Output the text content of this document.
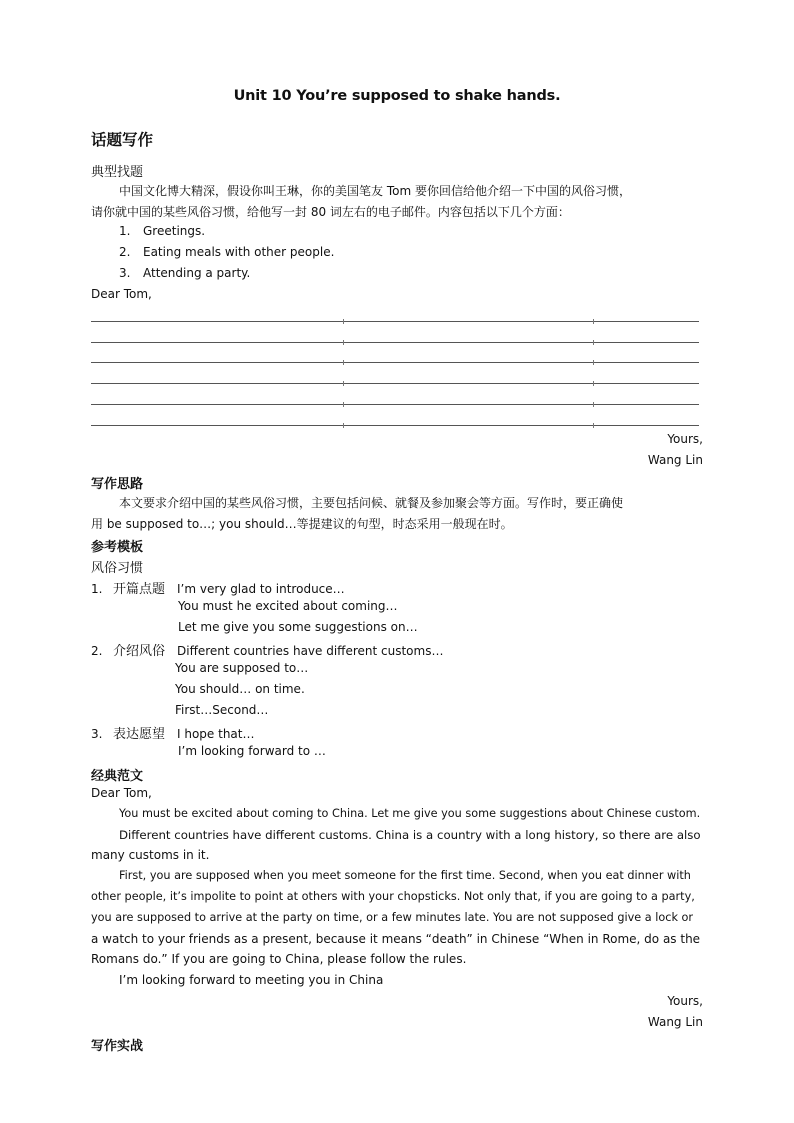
Unit 10 You’re supposed to shake hands.
话题写作
典型找题
中国文化博大精深，假设你叫王琳，你的美国笔友 Tom 要你回信给他介绍一下中国的风俗习惯，
请你就中国的某些风俗习惯，给他写一封 80 词左右的电子邮件。内容包括以下几个方面：
1. Greetings.
2. Eating meals with other people.
3. Attending a party.
Dear Tom,
Yours,
Wang Lin
写作思路
本文要求介绍中国的某些风俗习惯，主要包括问候、就餐及参加聚会等方面。写作时，要正确使
用 be supposed to…; you should…等提建议的句型，时态采用一般现在时。
参考模板
风俗习惯
1. 开篇点题 I’m very glad to introduce…
You must he excited about coming…
Let me give you some suggestions on…
2. 介绍风俗 Different countries have different customs…
You are supposed to…
You should… on time.
First…Second…
3. 表达愿望 I hope that…
I’m looking forward to …
经典范文
Dear Tom,
You must be excited about coming to China. Let me give you some suggestions about Chinese custom.
Different countries have different customs. China is a country with a long history, so there are also
many customs in it.
First, you are supposed when you meet someone for the first time. Second, when you eat dinner with
other people, it’s impolite to point at others with your chopsticks. Not only that, if you are going to a party,
you are supposed to arrive at the party on time, or a few minutes late. You are not supposed give a lock or
a watch to your friends as a present, because it means “death” in Chinese “When in Rome, do as the
Romans do.” If you are going to China, please follow the rules.
I’m looking forward to meeting you in China
Yours,
Wang Lin
写作实战
